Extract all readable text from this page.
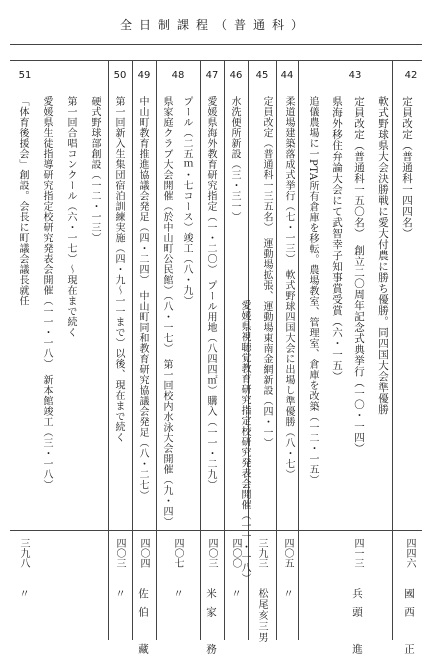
全日制課程（普通科）
42
43
44
45
46
47
48
49
50
51
定員改定（普通科一四四名）
軟式野球県大会決勝戦に愛大付農に勝ち優勝。同四国大会準優勝
定員改定（普通科一五〇名）　創立二〇周年記念式典挙行（一〇・一四）
県海外移住弁論大会にて武智幸子知事賞受賞（六・一五）
追儀農場に一PTA所有倉庫を移転。農場教室、管理室、倉庫を改築（一二・一五）
柔道場建築落成式挙行（七・一三）　軟式野球四国大会に出場し準優勝（八・七）
定員改定（普通科一三五名）　運動場拡張、運動場東南金網新設（四・一）
水洗便所新設（三・三一）
愛媛県海外教育研究指定（一・二〇）　プール用地（八四四㎡）購入（一一・二九）
プール（二五ｍ・七コース）竣工（八・九）
県家庭クラブ大会開催（於中山町公民館）（八・一七）　第一回校内水泳大会開催（九・四）
中山町教育推進協議会発足（四・二四）　中山町同和教育研究協議会発足（八・二七）
第一回新入生集団宿泊訓練実施（四・九〜一一まで）以後、現在まで続く
硬式野球部創設（一二・一三）
第一回合唱コンクール（六・一七）〜現在まで続く
愛媛県生徒指導研究指定校研究発表会開催（一一・一八）　新本館竣工（三・一八）
「体育後援会」創設。会長に町議会議長就任
愛媛県視聴覚教育研究指定校研究発表会開催（一一・一八）	四四六
四一三
四〇五
三九三
四〇〇
四〇三
四〇七
四〇四
四〇三
三九八
國西　正
兵頭　進
〃
松尾亥三男
〃
米家　務
〃
佐伯　藏
〃
〃
